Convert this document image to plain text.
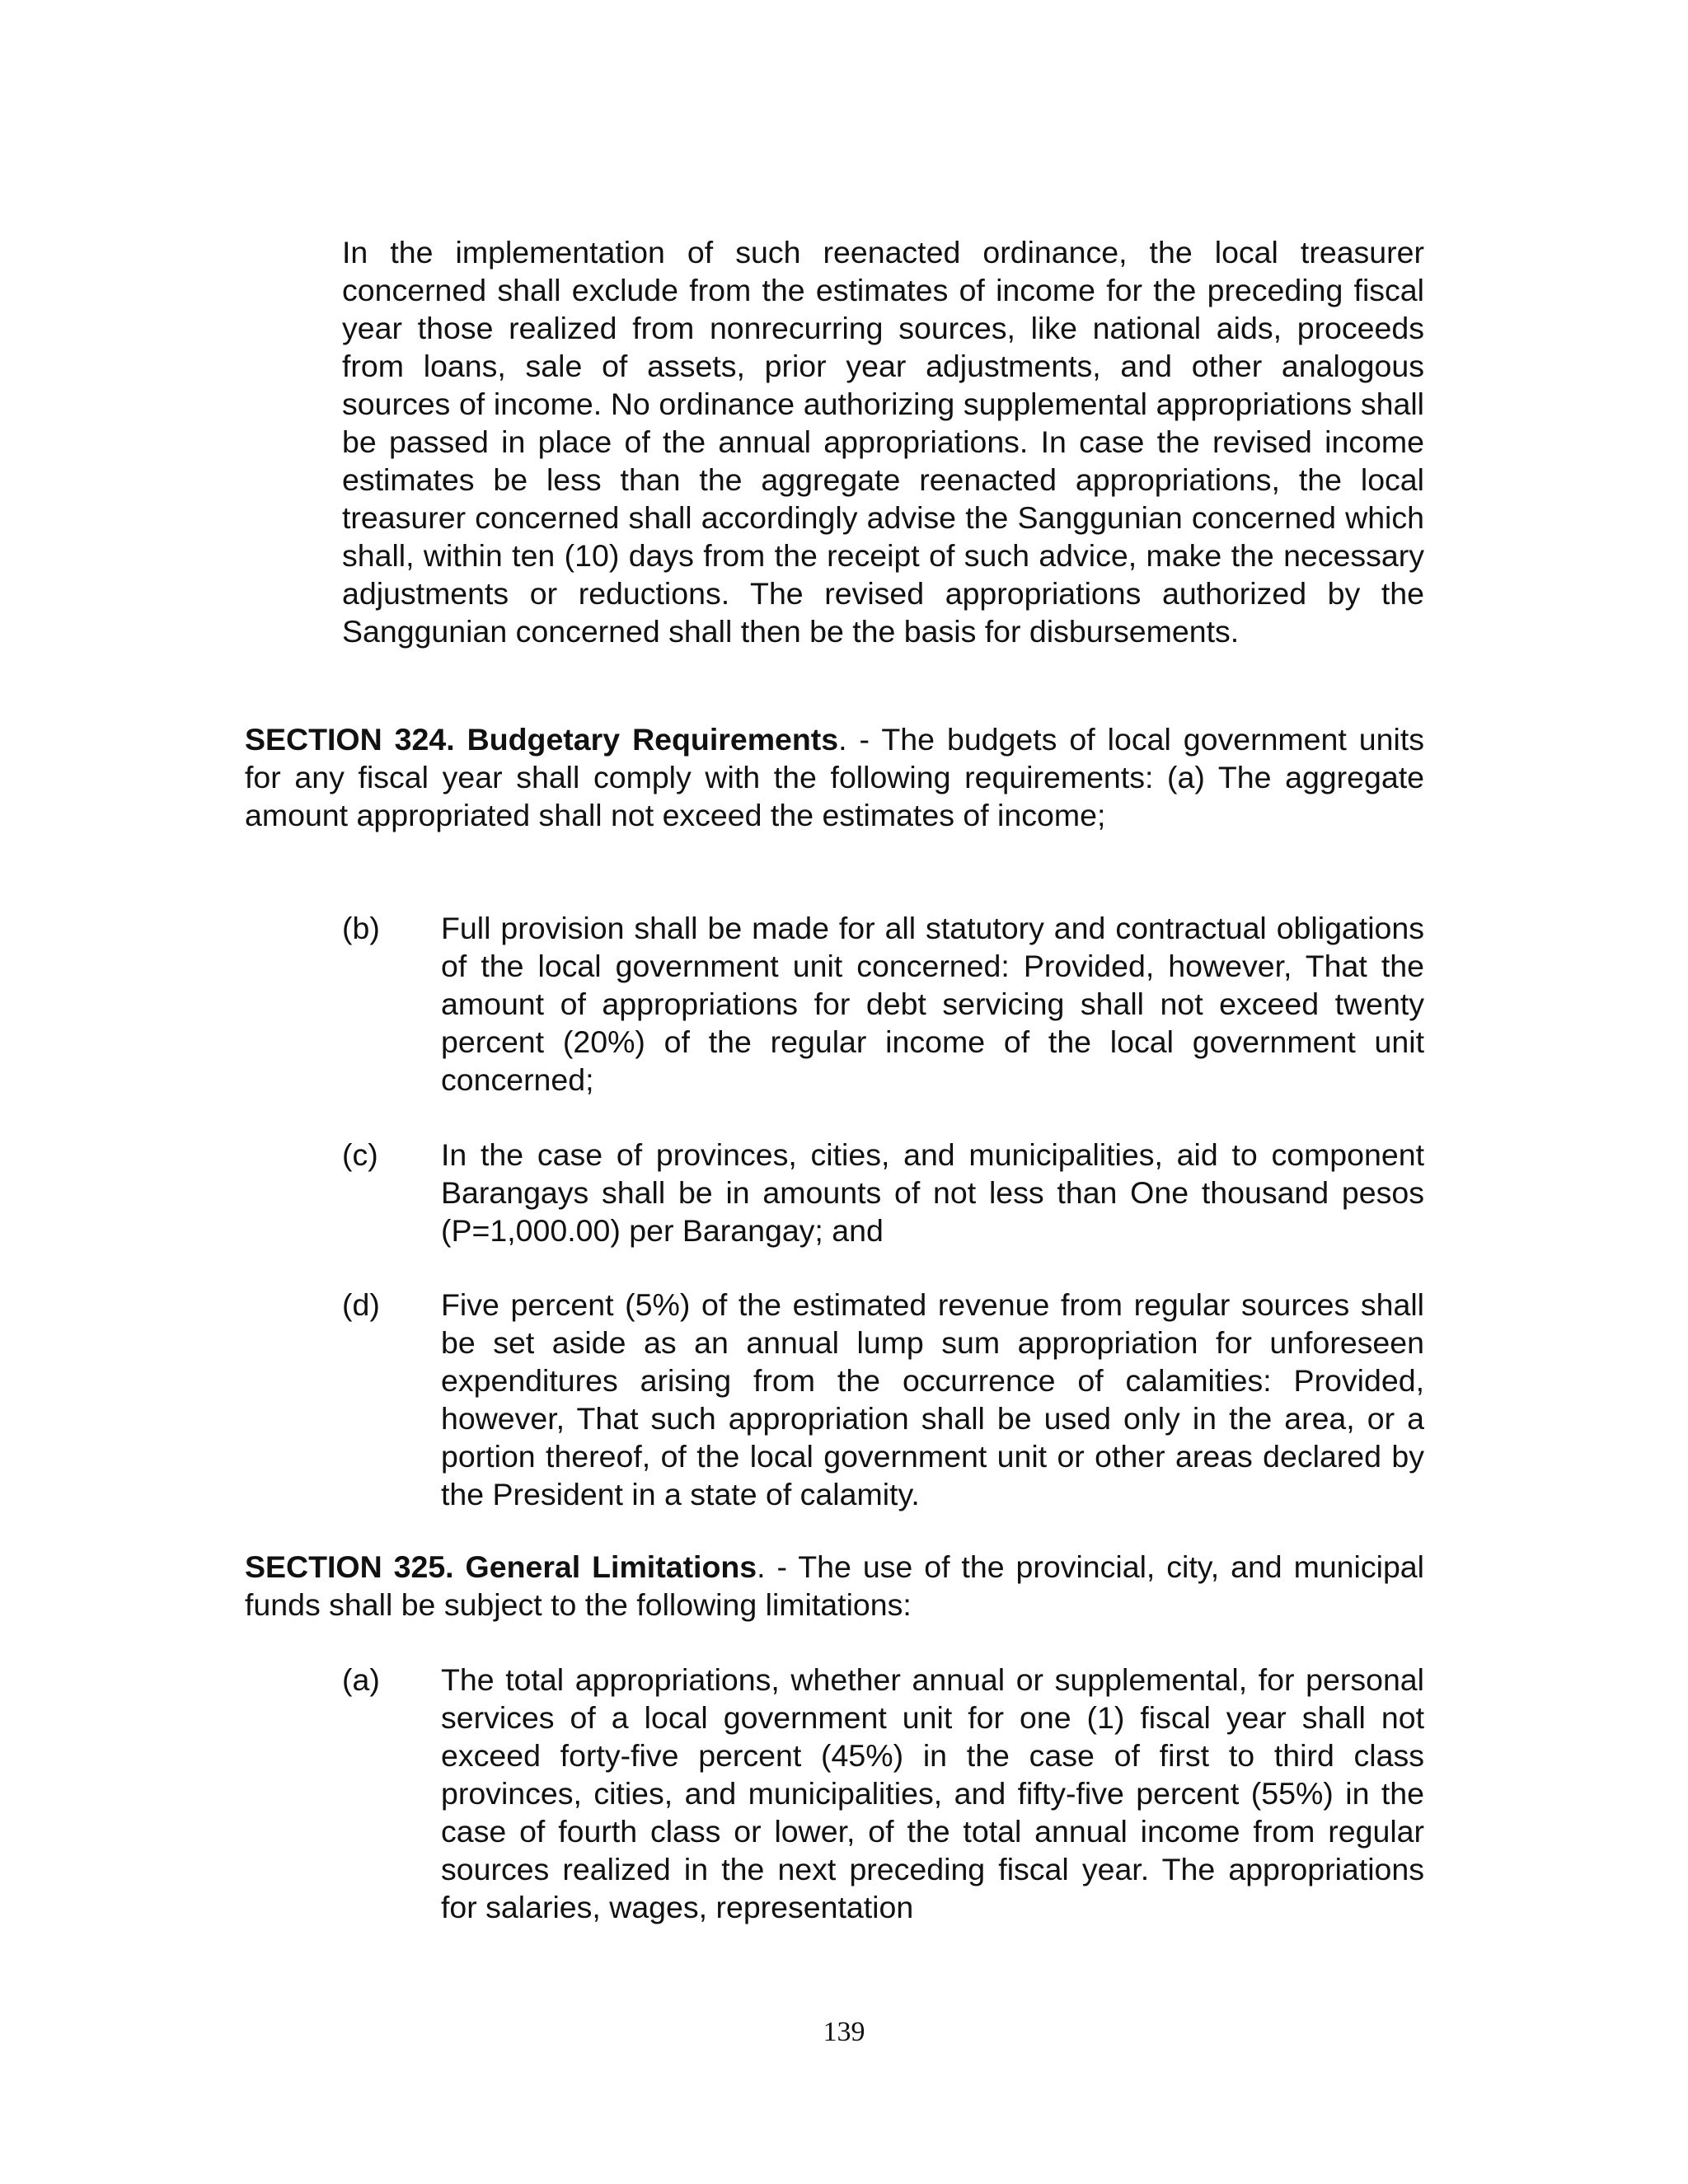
In the implementation of such reenacted ordinance, the local treasurer concerned shall exclude from the estimates of income for the preceding fiscal year those realized from nonrecurring sources, like national aids, proceeds from loans, sale of assets, prior year adjustments, and other analogous sources of income. No ordinance authorizing supplemental appropriations shall be passed in place of the annual appropriations. In case the revised income estimates be less than the aggregate reenacted appropriations, the local treasurer concerned shall accordingly advise the Sanggunian concerned which shall, within ten (10) days from the receipt of such advice, make the necessary adjustments or reductions. The revised appropriations authorized by the Sanggunian concerned shall then be the basis for disbursements.

SECTION 324. Budgetary Requirements. - The budgets of local government units for any fiscal year shall comply with the following requirements: (a) The aggregate amount appropriated shall not exceed the estimates of income;

(b)	Full provision shall be made for all statutory and contractual obligations of the local government unit concerned: Provided, however, That the amount of appropriations for debt servicing shall not exceed twenty percent (20%) of the regular income of the local government unit concerned;
(c)	In the case of provinces, cities, and municipalities, aid to component Barangays shall be in amounts of not less than One thousand pesos (P=1,000.00) per Barangay; and
(d)	Five percent (5%) of the estimated revenue from regular sources shall be set aside as an annual lump sum appropriation for unforeseen expenditures arising from the occurrence of calamities: Provided, however, That such appropriation shall be used only in the area, or a portion thereof, of the local government unit or other areas declared by the President in a state of calamity.

SECTION 325. General Limitations. - The use of the provincial, city, and municipal funds shall be subject to the following limitations:

(a)	The total appropriations, whether annual or supplemental, for personal services of a local government unit for one (1) fiscal year shall not exceed forty-five percent (45%) in the case of first to third class provinces, cities, and municipalities, and fifty-five percent (55%) in the case of fourth class or lower, of the total annual income from regular sources realized in the next preceding fiscal year. The appropriations for salaries, wages, representation
139
